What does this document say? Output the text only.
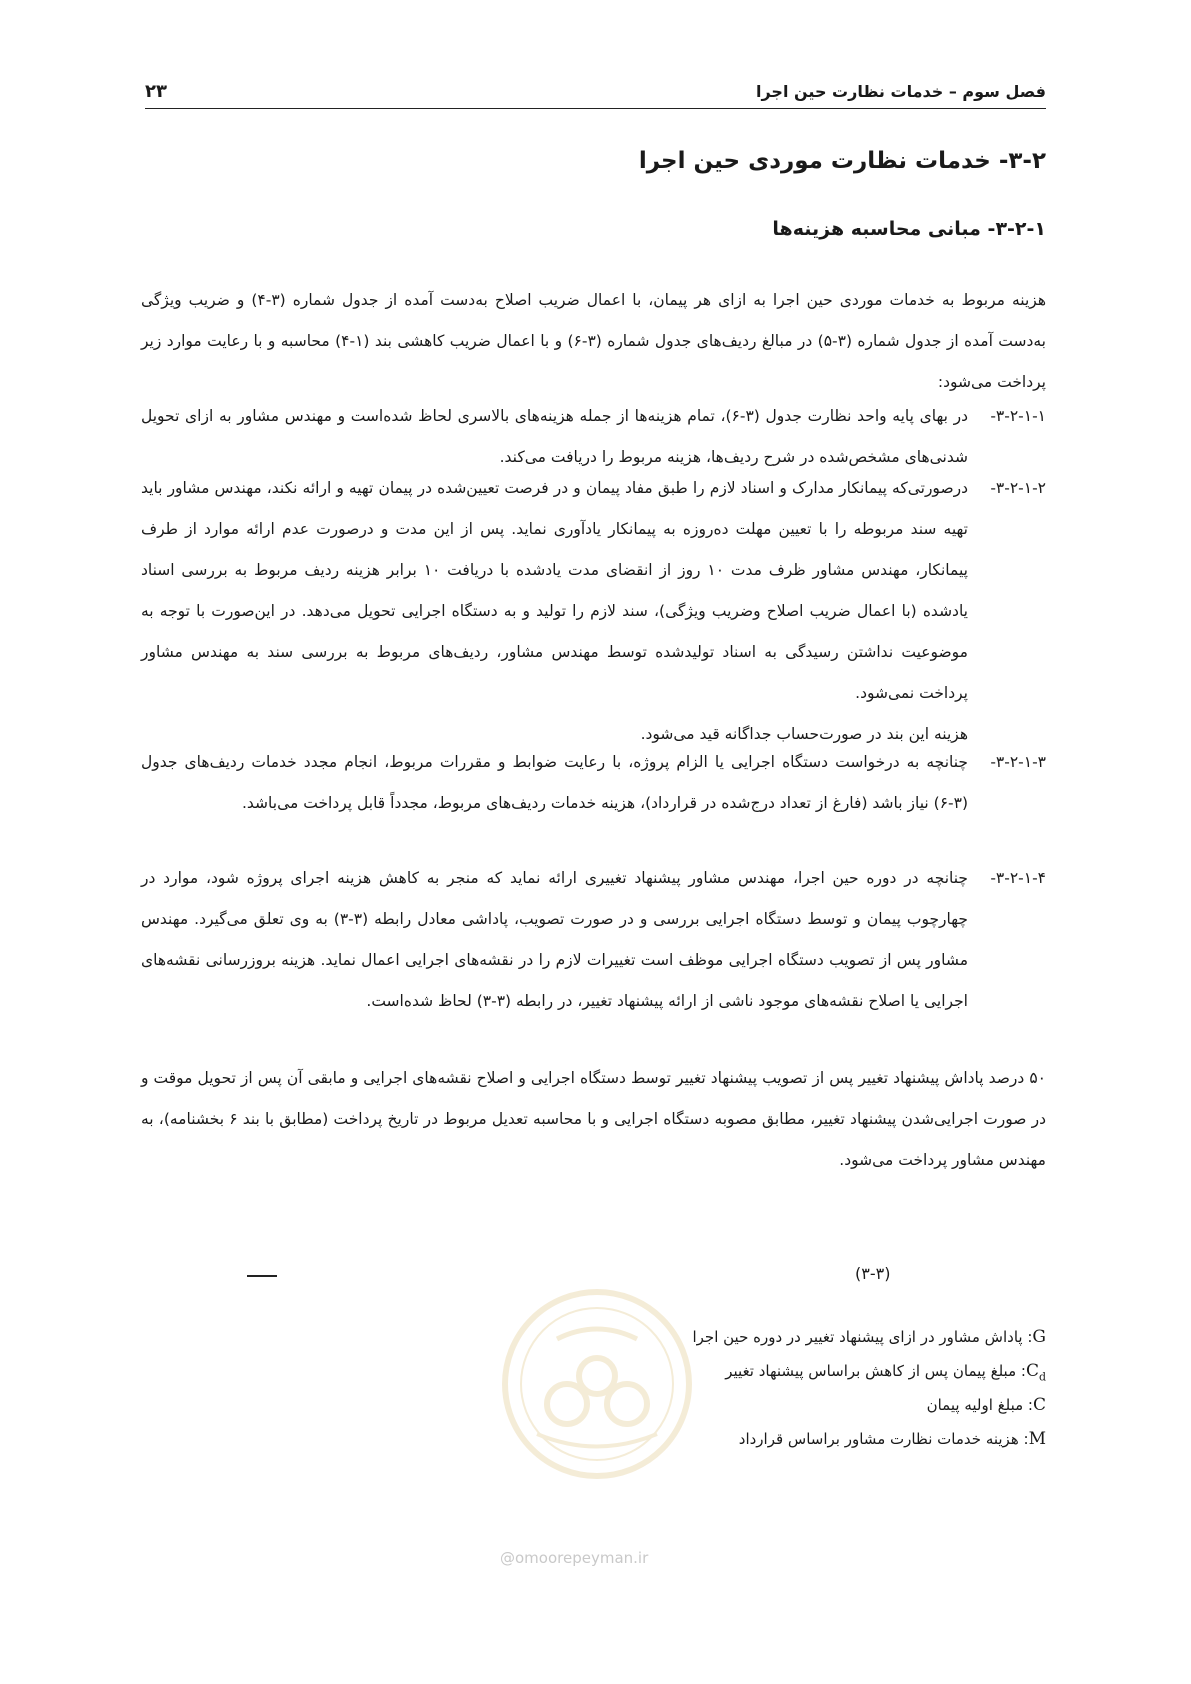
فصل سوم – خدمات نظارت حین اجرا
۲۳
۳-۲- خدمات نظارت موردی حین اجرا
۳-۲-۱- مبانی محاسبه هزینه‌ها

هزینه مربوط به خدمات موردی حین اجرا به ازای هر پیمان، با اعمال ضریب اصلاح به‌دست آمده از جدول شماره (۳-۴) و ضریب ویژگی به‌دست آمده از جدول شماره (۳-۵) در مبالغ ردیف‌های جدول شماره (۳-۶) و با اعمال ضریب کاهشی بند (۱-۴) محاسبه و با رعایت موارد زیر پرداخت می‌شود:

۳-۲-۱-۱-

در بهای پایه واحد نظارت جدول (۳-۶)، تمام هزینه‌ها از جمله هزینه‌های بالاسری لحاظ شده‌است و مهندس مشاور به ازای تحویل شدنی‌های مشخص‌شده در شرح ردیف‌ها، هزینه مربوط را دریافت می‌کند.

۳-۲-۱-۲-

درصورتی‌که پیمانکار مدارک و اسناد لازم را طبق مفاد پیمان و در فرصت تعیین‌شده در پیمان تهیه و ارائه نکند، مهندس مشاور باید تهیه سند مربوطه را با تعیین مهلت ده‌روزه به پیمانکار یادآوری نماید. پس از این مدت و درصورت عدم ارائه موارد از طرف پیمانکار، مهندس مشاور ظرف مدت ۱۰ روز از انقضای مدت یادشده با دریافت ۱۰ برابر هزینه ردیف مربوط به بررسی اسناد یادشده (با اعمال ضریب اصلاح وضریب ویژگی)، سند لازم را تولید و به دستگاه اجرایی تحویل می‌دهد. در این‌صورت با توجه به موضوعیت نداشتن رسیدگی به اسناد تولیدشده توسط مهندس مشاور، ردیف‌های مربوط به بررسی سند به مهندس مشاور پرداخت نمی‌شود.

هزینه این بند در صورت‌حساب جداگانه قید می‌شود.

۳-۲-۱-۳-

چنانچه به درخواست دستگاه اجرایی یا الزام پروژه، با رعایت ضوابط و مقررات مربوط، انجام مجدد خدمات ردیف‌های جدول (۳-۶) نیاز باشد (فارغ از تعداد درج‌شده در قرارداد)، هزینه خدمات ردیف‌های مربوط، مجدداً قابل پرداخت می‌باشد.

۳-۲-۱-۴-

چنانچه در دوره حین اجرا، مهندس مشاور پیشنهاد تغییری ارائه نماید که منجر به کاهش هزینه اجرای پروژه شود، موارد در چهارچوب پیمان و توسط دستگاه اجرایی بررسی و در صورت تصویب، پاداشی معادل رابطه (۳-۳) به وی تعلق می‌گیرد. مهندس مشاور پس از تصویب دستگاه اجرایی موظف است تغییرات لازم را در نقشه‌های اجرایی اعمال نماید. هزینه بروزرسانی نقشه‌های اجرایی یا اصلاح نقشه‌های موجود ناشی از ارائه پیشنهاد تغییر، در رابطه (۳-۳) لحاظ شده‌است.

۵۰ درصد پاداش پیشنهاد تغییر پس از تصویب پیشنهاد تغییر توسط دستگاه اجرایی و اصلاح نقشه‌های اجرایی و مابقی آن پس از تحویل موقت و در صورت اجرایی‌شدن پیشنهاد تغییر، مطابق مصوبه دستگاه اجرایی و با محاسبه تعدیل مربوط در تاریخ پرداخت (مطابق با بند ۶ بخشنامه)، به مهندس مشاور پرداخت می‌شود.

(۳-۳)
G: پاداش مشاور در ازای پیشنهاد تغییر در دوره حین اجرا
$C_d$: مبلغ پیمان پس از کاهش براساس پیشنهاد تغییر
C: مبلغ اولیه پیمان
M: هزینه خدمات نظارت مشاور براساس قرارداد
@omoorepeyman.ir
